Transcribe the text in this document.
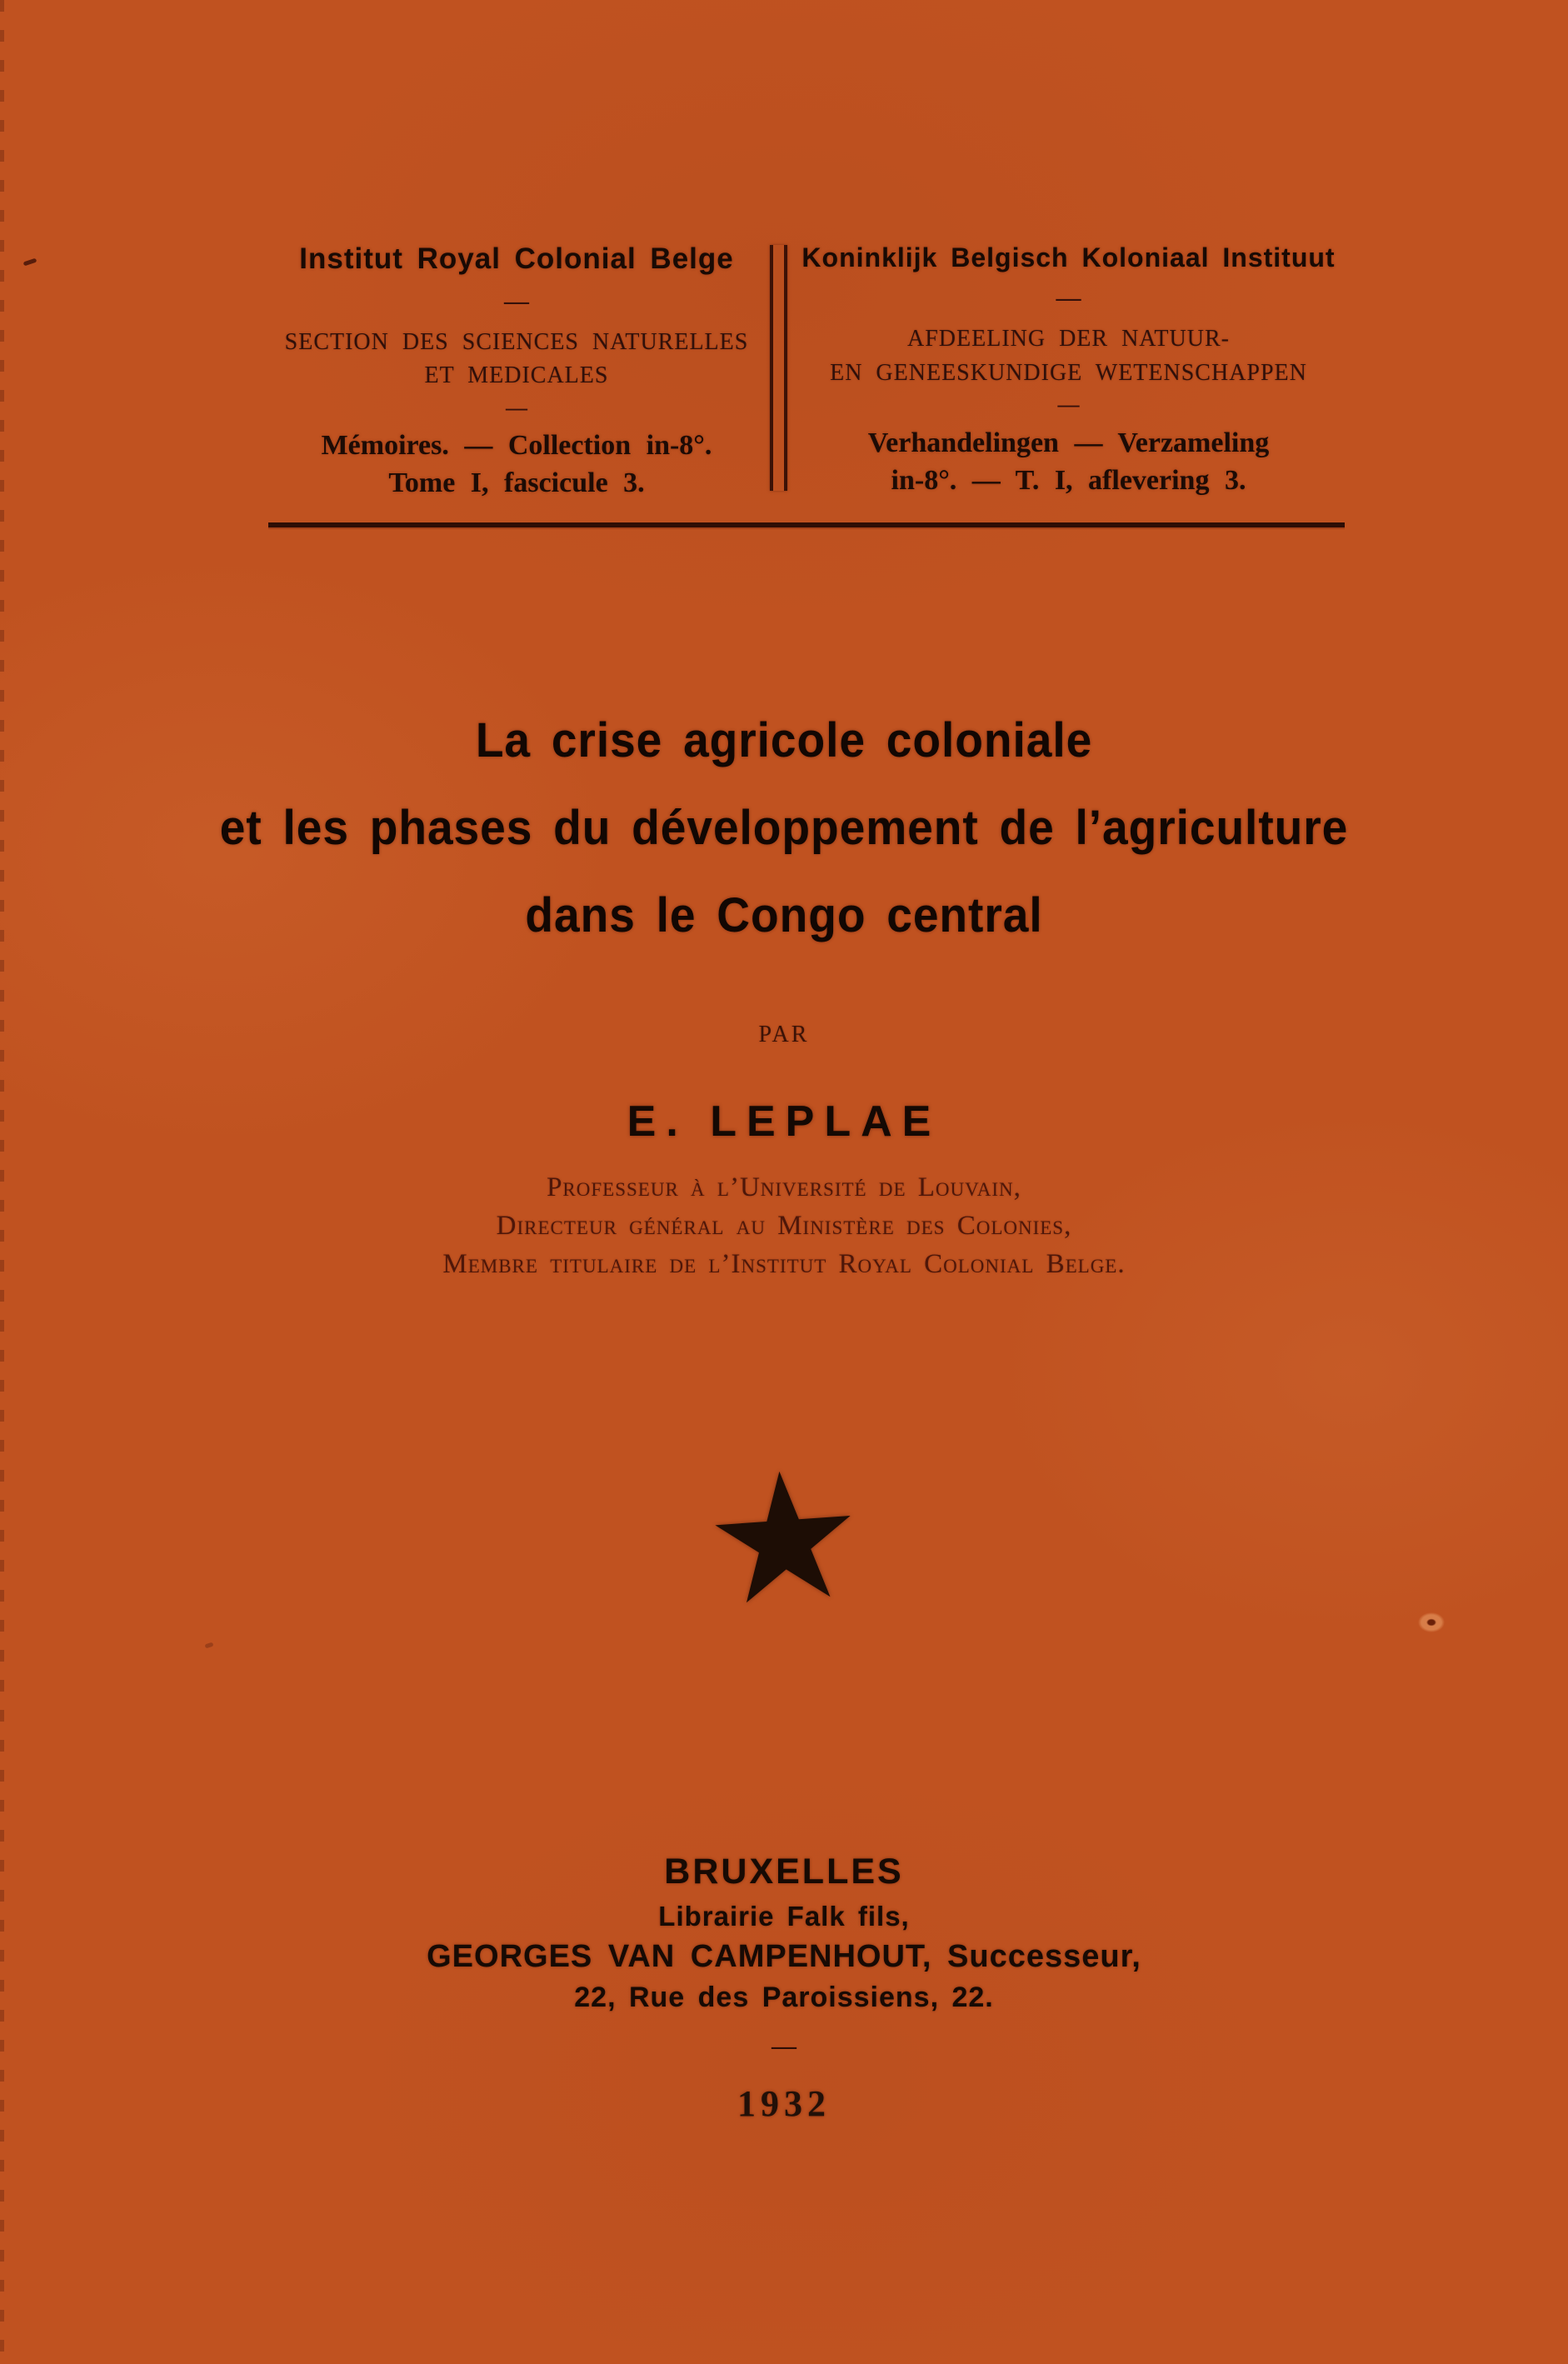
Institut Royal Colonial Belge
—
SECTION DES SCIENCES NATURELLES
ET MEDICALES
—
Mémoires. — Collection in-8°.
Tome I, fascicule 3.
Koninklijk Belgisch Koloniaal Instituut
—
AFDEELING DER NATUUR-
EN GENEESKUNDIGE WETENSCHAPPEN
—
Verhandelingen — Verzameling
in-8°. — T. I, aflevering 3.
La crise agricole coloniale
et les phases du développement de l’agriculture
dans le Congo central
PAR
E. LEPLAE
Professeur à l’Université de Louvain,
Directeur général au Ministère des Colonies,
Membre titulaire de l’Institut Royal Colonial Belge.
★
BRUXELLES
Librairie Falk fils,
GEORGES VAN CAMPENHOUT, Successeur,
22, Rue des Paroissiens, 22.
—
1932
